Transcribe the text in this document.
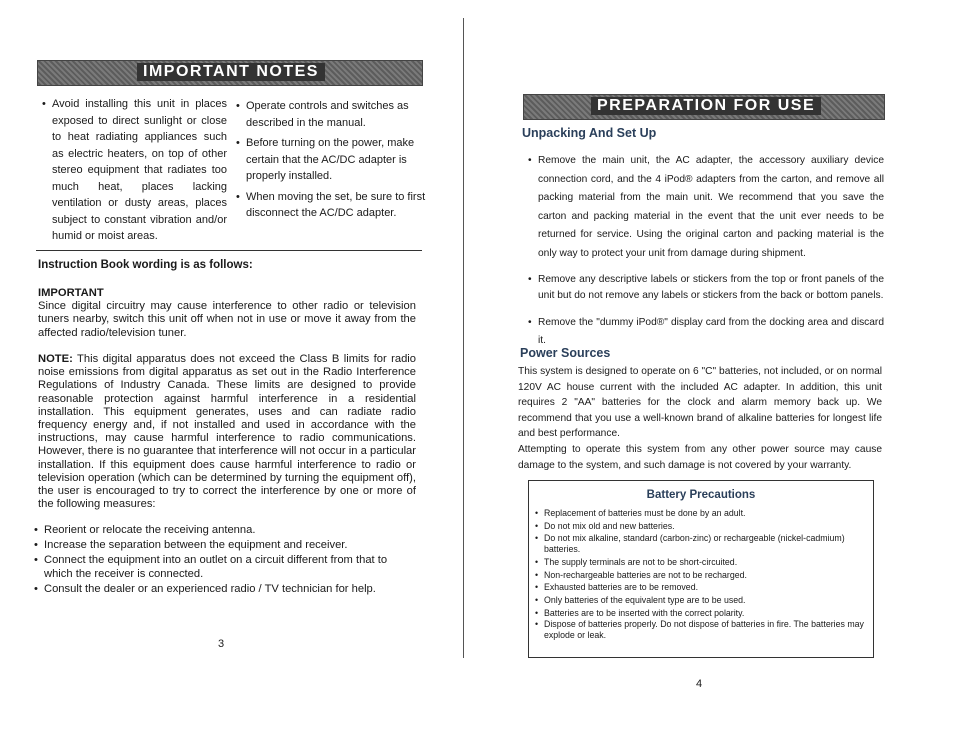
IMPORTANT NOTES
• Avoid installing this unit in places exposed to direct sunlight or close to heat radiating appliances such as electric heaters, on top of other stereo equipment that radiates too much heat, places lacking ventilation or dusty areas, places subject to constant vibration and/or humid or moist areas.
• Operate controls and switches as described in the manual.
• Before turning on the power, make certain that the AC/DC adapter is properly installed.
• When moving the set, be sure to first disconnect the AC/DC adapter.
Instruction Book wording is as follows:
IMPORTANT
Since digital circuitry may cause interference to other radio or television tuners nearby, switch this unit off when not in use or move it away from the affected radio/television tuner.
NOTE: This digital apparatus does not exceed the Class B limits for radio noise emissions from digital apparatus as set out in the Radio Interference Regulations of Industry Canada. These limits are designed to provide reasonable protection against harmful interference in a residential installation. This equipment generates, uses and can radiate radio frequency energy and, if not installed and used in accordance with the instructions, may cause harmful interference to radio communications. However, there is no guarantee that interference will not occur in a particular installation. If this equipment does cause harmful interference to radio or television operation (which can be determined by turning the equipment off), the user is encouraged to try to correct the interference by one or more of the following measures:
• Reorient or relocate the receiving antenna.
• Increase the separation between the equipment and receiver.
• Connect the equipment into an outlet on a circuit different from that to which the receiver is connected.
• Consult the dealer or an experienced radio / TV technician for help.
3
PREPARATION FOR USE
Unpacking And Set Up
• Remove the main unit, the AC adapter, the accessory auxiliary device connection cord, and the 4 iPod® adapters from the carton, and remove all packing material from the main unit. We recommend that you save the carton and packing material in the event that the unit ever needs to be returned for service. Using the original carton and packing material is the only way to protect your unit from damage during shipment.
• Remove any descriptive labels or stickers from the top or front panels of the unit but do not remove any labels or stickers from the back or bottom panels.
• Remove the "dummy iPod®" display card from the docking area and discard it.
Power Sources
This system is designed to operate on 6 "C" batteries, not included, or on normal 120V AC house current with the included AC adapter. In addition, this unit requires 2 "AA" batteries for the clock and alarm memory back up. We recommend that you use a well-known brand of alkaline batteries for longest life and best performance.
Attempting to operate this system from any other power source may cause damage to the system, and such damage is not covered by your warranty.
Battery Precautions
• Replacement of batteries must be done by an adult.
• Do not mix old and new batteries.
• Do not mix alkaline, standard (carbon-zinc) or rechargeable (nickel-cadmium) batteries.
• The supply terminals are not to be short-circuited.
• Non-rechargeable batteries are not to be recharged.
• Exhausted batteries are to be removed.
• Only batteries of the equivalent type are to be used.
• Batteries are to be inserted with the correct polarity.
• Dispose of batteries properly. Do not dispose of batteries in fire. The batteries may explode or leak.
4
